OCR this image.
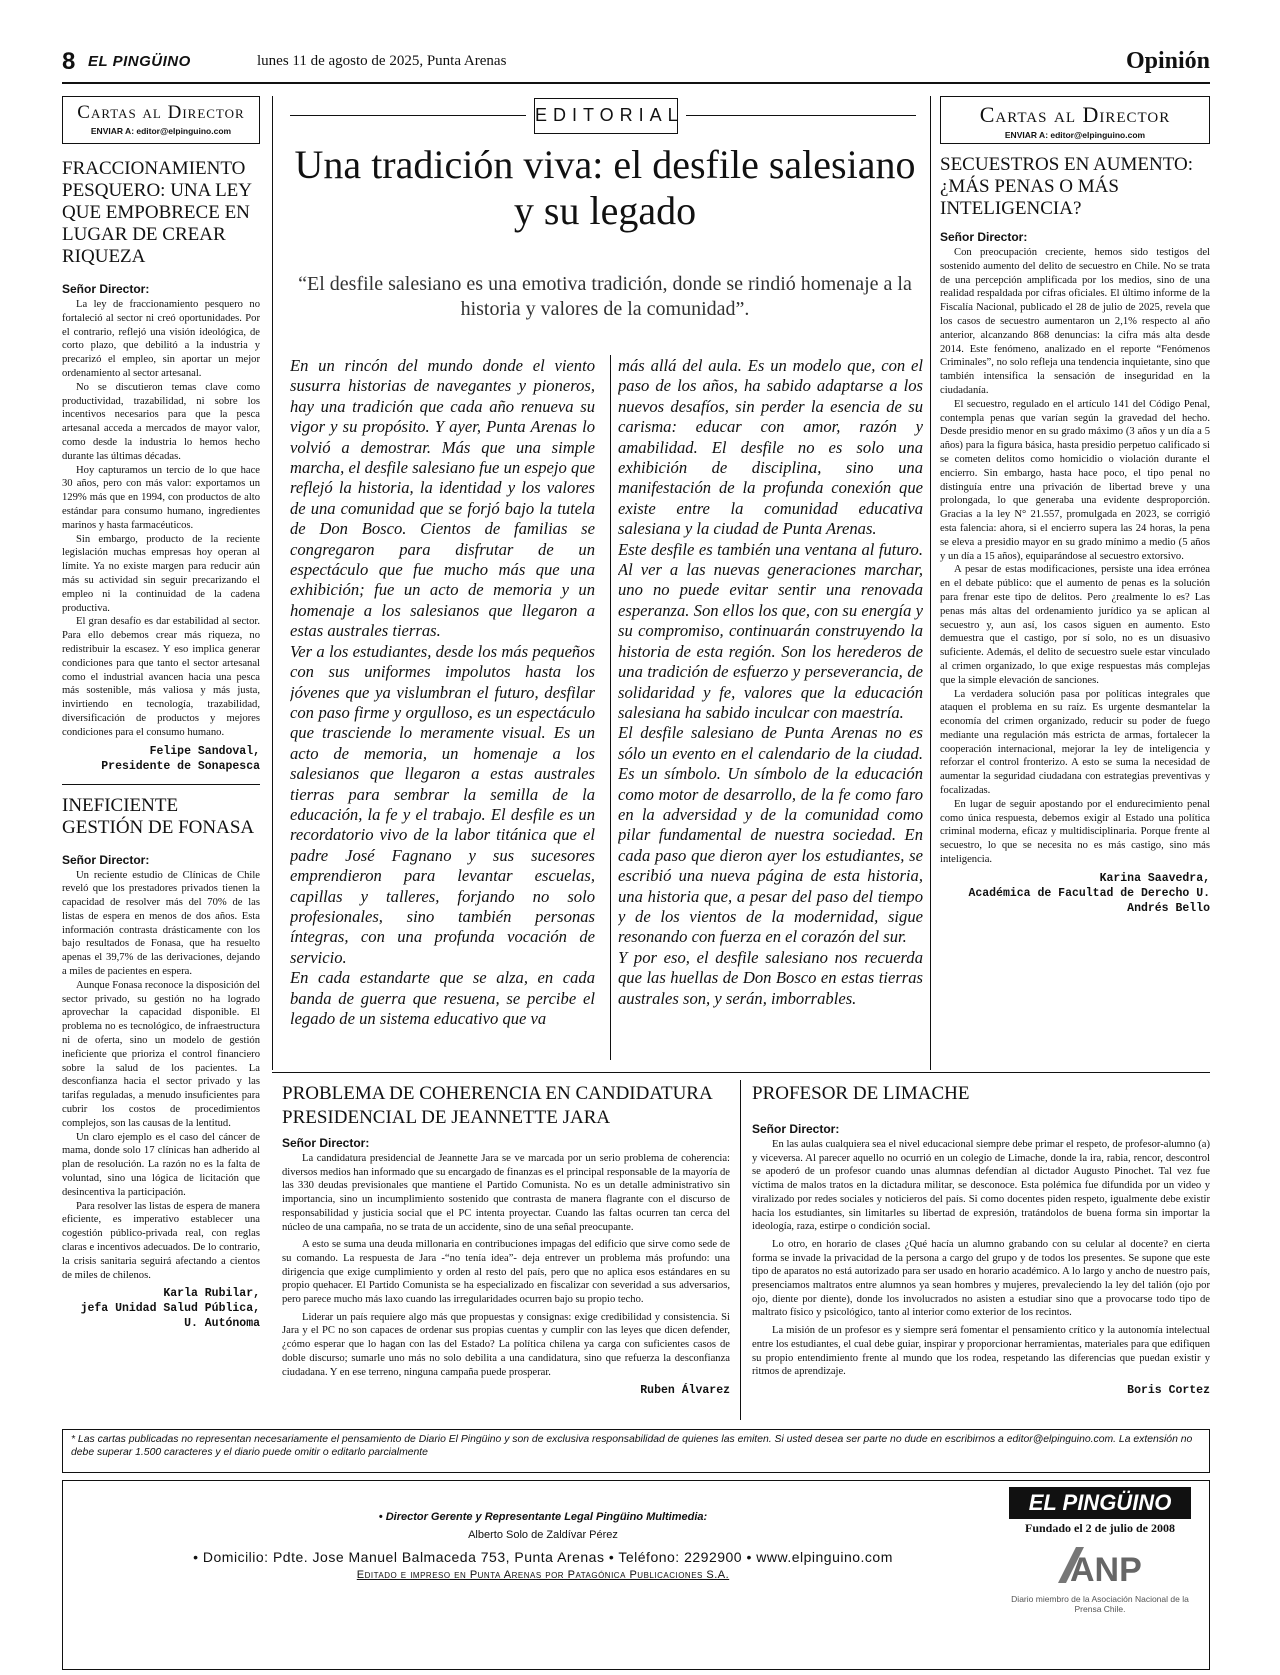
8 EL PINGÜINO	lunes 11 de agosto de 2025, Punta Arenas	Opinión
Cartas al Director
ENVIAR A: editor@elpinguino.com
FRACCIONAMIENTO PESQUERO: UNA LEY QUE EMPOBRECE EN LUGAR DE CREAR RIQUEZA
Señor Director:

La ley de fraccionamiento pesquero no fortaleció al sector ni creó oportunidades. Por el contrario, reflejó una visión ideológica, de corto plazo, que debilitó a la industria y precarizó el empleo, sin aportar un mejor ordenamiento al sector artesanal.

No se discutieron temas clave como productividad, trazabilidad, ni sobre los incentivos necesarios para que la pesca artesanal acceda a mercados de mayor valor, como desde la industria lo hemos hecho durante las últimas décadas.

Hoy capturamos un tercio de lo que hace 30 años, pero con más valor: exportamos un 129% más que en 1994, con productos de alto estándar para consumo humano, ingredientes marinos y hasta farmacéuticos.

Sin embargo, producto de la reciente legislación muchas empresas hoy operan al límite. Ya no existe margen para reducir aún más su actividad sin seguir precarizando el empleo ni la continuidad de la cadena productiva.

El gran desafío es dar estabilidad al sector. Para ello debemos crear más riqueza, no redistribuir la escasez. Y eso implica generar condiciones para que tanto el sector artesanal como el industrial avancen hacia una pesca más sostenible, más valiosa y más justa, invirtiendo en tecnología, trazabilidad, diversificación de productos y mejores condiciones para el consumo humano.

Felipe Sandoval,
Presidente de Sonapesca
INEFICIENTE GESTIÓN DE FONASA
Señor Director:

Un reciente estudio de Clínicas de Chile reveló que los prestadores privados tienen la capacidad de resolver más del 70% de las listas de espera en menos de dos años. Esta información contrasta drásticamente con los bajo resultados de Fonasa, que ha resuelto apenas el 39,7% de las derivaciones, dejando a miles de pacientes en espera.

Aunque Fonasa reconoce la disposición del sector privado, su gestión no ha logrado aprovechar la capacidad disponible. El problema no es tecnológico, de infraestructura ni de oferta, sino un modelo de gestión ineficiente que prioriza el control financiero sobre la salud de los pacientes. La desconfianza hacia el sector privado y las tarifas reguladas, a menudo insuficientes para cubrir los costos de procedimientos complejos, son las causas de la lentitud.

Un claro ejemplo es el caso del cáncer de mama, donde solo 17 clínicas han adherido al plan de resolución. La razón no es la falta de voluntad, sino una lógica de licitación que desincentiva la participación.

Para resolver las listas de espera de manera eficiente, es imperativo establecer una cogestión público-privada real, con reglas claras e incentivos adecuados. De lo contrario, la crisis sanitaria seguirá afectando a cientos de miles de chilenos.

Karla Rubilar,
jefa Unidad Salud Pública, U. Autónoma
EDITORIAL
Una tradición viva: el desfile salesiano y su legado

“El desfile salesiano es una emotiva tradición, donde se rindió homenaje a la historia y valores de la comunidad”.

En un rincón del mundo donde el viento susurra historias de navegantes y pioneros, hay una tradición que cada año renueva su vigor y su propósito. Y ayer, Punta Arenas lo volvió a demostrar. Más que una simple marcha, el desfile salesiano fue un espejo que reflejó la historia, la identidad y los valores de una comunidad que se forjó bajo la tutela de Don Bosco. Cientos de familias se congregaron para disfrutar de un espectáculo que fue mucho más que una exhibición; fue un acto de memoria y un homenaje a los salesianos que llegaron a estas australes tierras.

Ver a los estudiantes, desde los más pequeños con sus uniformes impolutos hasta los jóvenes que ya vislumbran el futuro, desfilar con paso firme y orgulloso, es un espectáculo que trasciende lo meramente visual. Es un acto de memoria, un homenaje a los salesianos que llegaron a estas australes tierras para sembrar la semilla de la educación, la fe y el trabajo. El desfile es un recordatorio vivo de la labor titánica que el padre José Fagnano y sus sucesores emprendieron para levantar escuelas, capillas y talleres, forjando no solo profesionales, sino también personas íntegras, con una profunda vocación de servicio.

En cada estandarte que se alza, en cada banda de guerra que resuena, se percibe el legado de un sistema educativo que va

más allá del aula. Es un modelo que, con el paso de los años, ha sabido adaptarse a los nuevos desafíos, sin perder la esencia de su carisma: educar con amor, razón y amabilidad. El desfile no es solo una exhibición de disciplina, sino una manifestación de la profunda conexión que existe entre la comunidad educativa salesiana y la ciudad de Punta Arenas.

Este desfile es también una ventana al futuro. Al ver a las nuevas generaciones marchar, uno no puede evitar sentir una renovada esperanza. Son ellos los que, con su energía y su compromiso, continuarán construyendo la historia de esta región. Son los herederos de una tradición de esfuerzo y perseverancia, de solidaridad y fe, valores que la educación salesiana ha sabido inculcar con maestría.

El desfile salesiano de Punta Arenas no es sólo un evento en el calendario de la ciudad. Es un símbolo. Un símbolo de la educación como motor de desarrollo, de la fe como faro en la adversidad y de la comunidad como pilar fundamental de nuestra sociedad. En cada paso que dieron ayer los estudiantes, se escribió una nueva página de esta historia, una historia que, a pesar del paso del tiempo y de los vientos de la modernidad, sigue resonando con fuerza en el corazón del sur.

Y por eso, el desfile salesiano nos recuerda que las huellas de Don Bosco en estas tierras australes son, y serán, imborrables.

Cartas al Director
ENVIAR A: editor@elpinguino.com
SECUESTROS EN AUMENTO: ¿MÁS PENAS O MÁS INTELIGENCIA?
Señor Director:

Con preocupación creciente, hemos sido testigos del sostenido aumento del delito de secuestro en Chile. No se trata de una percepción amplificada por los medios, sino de una realidad respaldada por cifras oficiales. El último informe de la Fiscalía Nacional, publicado el 28 de julio de 2025, revela que los casos de secuestro aumentaron un 2,1% respecto al año anterior, alcanzando 868 denuncias: la cifra más alta desde 2014. Este fenómeno, analizado en el reporte “Fenómenos Criminales”, no solo refleja una tendencia inquietante, sino que también intensifica la sensación de inseguridad en la ciudadanía.

El secuestro, regulado en el artículo 141 del Código Penal, contempla penas que varían según la gravedad del hecho. Desde presidio menor en su grado máximo (3 años y un día a 5 años) para la figura básica, hasta presidio perpetuo calificado si se cometen delitos como homicidio o violación durante el encierro. Sin embargo, hasta hace poco, el tipo penal no distinguía entre una privación de libertad breve y una prolongada, lo que generaba una evidente desproporción. Gracias a la ley N° 21.557, promulgada en 2023, se corrigió esta falencia: ahora, si el encierro supera las 24 horas, la pena se eleva a presidio mayor en su grado mínimo a medio (5 años y un día a 15 años), equiparándose al secuestro extorsivo.

A pesar de estas modificaciones, persiste una idea errónea en el debate público: que el aumento de penas es la solución para frenar este tipo de delitos. Pero ¿realmente lo es? Las penas más altas del ordenamiento jurídico ya se aplican al secuestro y, aun así, los casos siguen en aumento. Esto demuestra que el castigo, por sí solo, no es un disuasivo suficiente. Además, el delito de secuestro suele estar vinculado al crimen organizado, lo que exige respuestas más complejas que la simple elevación de sanciones.

La verdadera solución pasa por políticas integrales que ataquen el problema en su raíz. Es urgente desmantelar la economía del crimen organizado, reducir su poder de fuego mediante una regulación más estricta de armas, fortalecer la cooperación internacional, mejorar la ley de inteligencia y reforzar el control fronterizo. A esto se suma la necesidad de aumentar la seguridad ciudadana con estrategias preventivas y focalizadas.

En lugar de seguir apostando por el endurecimiento penal como única respuesta, debemos exigir al Estado una política criminal moderna, eficaz y multidisciplinaria. Porque frente al secuestro, lo que se necesita no es más castigo, sino más inteligencia.

Karina Saavedra,
Académica de Facultad de Derecho U. Andrés Bello
PROBLEMA DE COHERENCIA EN CANDIDATURA PRESIDENCIAL DE JEANNETTE JARA
Señor Director:

La candidatura presidencial de Jeannette Jara se ve marcada por un serio problema de coherencia: diversos medios han informado que su encargado de finanzas es el principal responsable de la mayoría de las 330 deudas previsionales que mantiene el Partido Comunista. No es un detalle administrativo sin importancia, sino un incumplimiento sostenido que contrasta de manera flagrante con el discurso de responsabilidad y justicia social que el PC intenta proyectar. Cuando las faltas ocurren tan cerca del núcleo de una campaña, no se trata de un accidente, sino de una señal preocupante.

A esto se suma una deuda millonaria en contribuciones impagas del edificio que sirve como sede de su comando. La respuesta de Jara -“no tenía idea”- deja entrever un problema más profundo: una dirigencia que exige cumplimiento y orden al resto del país, pero que no aplica esos estándares en su propio quehacer. El Partido Comunista se ha especializado en fiscalizar con severidad a sus adversarios, pero parece mucho más laxo cuando las irregularidades ocurren bajo su propio techo.

Liderar un país requiere algo más que propuestas y consignas: exige credibilidad y consistencia. Si Jara y el PC no son capaces de ordenar sus propias cuentas y cumplir con las leyes que dicen defender, ¿cómo esperar que lo hagan con las del Estado? La política chilena ya carga con suficientes casos de doble discurso; sumarle uno más no solo debilita a una candidatura, sino que refuerza la desconfianza ciudadana. Y en ese terreno, ninguna campaña puede prosperar.

Ruben Álvarez
PROFESOR DE LIMACHE
Señor Director:

En las aulas cualquiera sea el nivel educacional siempre debe primar el respeto, de profesor-alumno (a) y viceversa. Al parecer aquello no ocurrió en un colegio de Limache, donde la ira, rabia, rencor, descontrol se apoderó de un profesor cuando unas alumnas defendían al dictador Augusto Pinochet. Tal vez fue víctima de malos tratos en la dictadura militar, se desconoce. Esta polémica fue difundida por un video y viralizado por redes sociales y noticieros del país. Si como docentes piden respeto, igualmente debe existir hacia los estudiantes, sin limitarles su libertad de expresión, tratándolos de buena forma sin importar la ideología, raza, estirpe o condición social.

Lo otro, en horario de clases ¿Qué hacía un alumno grabando con su celular al docente? en cierta forma se invade la privacidad de la persona a cargo del grupo y de todos los presentes. Se supone que este tipo de aparatos no está autorizado para ser usado en horario académico. A lo largo y ancho de nuestro país, presenciamos maltratos entre alumnos ya sean hombres y mujeres, prevaleciendo la ley del talión (ojo por ojo, diente por diente), donde los involucrados no asisten a estudiar sino que a provocarse todo tipo de maltrato físico y psicológico, tanto al interior como exterior de los recintos.

La misión de un profesor es y siempre será fomentar el pensamiento crítico y la autonomía intelectual entre los estudiantes, el cual debe guiar, inspirar y proporcionar herramientas, materiales para que edifiquen su propio entendimiento frente al mundo que los rodea, respetando las diferencias que puedan existir y ritmos de aprendizaje.

Boris Cortez
* Las cartas publicadas no representan necesariamente el pensamiento de Diario El Pingüino y son de exclusiva responsabilidad de quienes las emiten. Si usted desea ser parte no dude en escribirnos a editor@elpinguino.com. La extensión no debe superar 1.500 caracteres y el diario puede omitir o editarlo parcialmente
• Director Gerente y Representante Legal Pingüino Multimedia:
Alberto Solo de Zaldívar Pérez
• Domicilio: Pdte. Jose Manuel Balmaceda 753, Punta Arenas • Teléfono: 2292900 • www.elpinguino.com
Editado e impreso en Punta Arenas por Patagónica Publicaciones S.A.
EL PINGÜINO
Fundado el 2 de julio de 2008
ANP
Diario miembro de la Asociación Nacional de la Prensa Chile.
